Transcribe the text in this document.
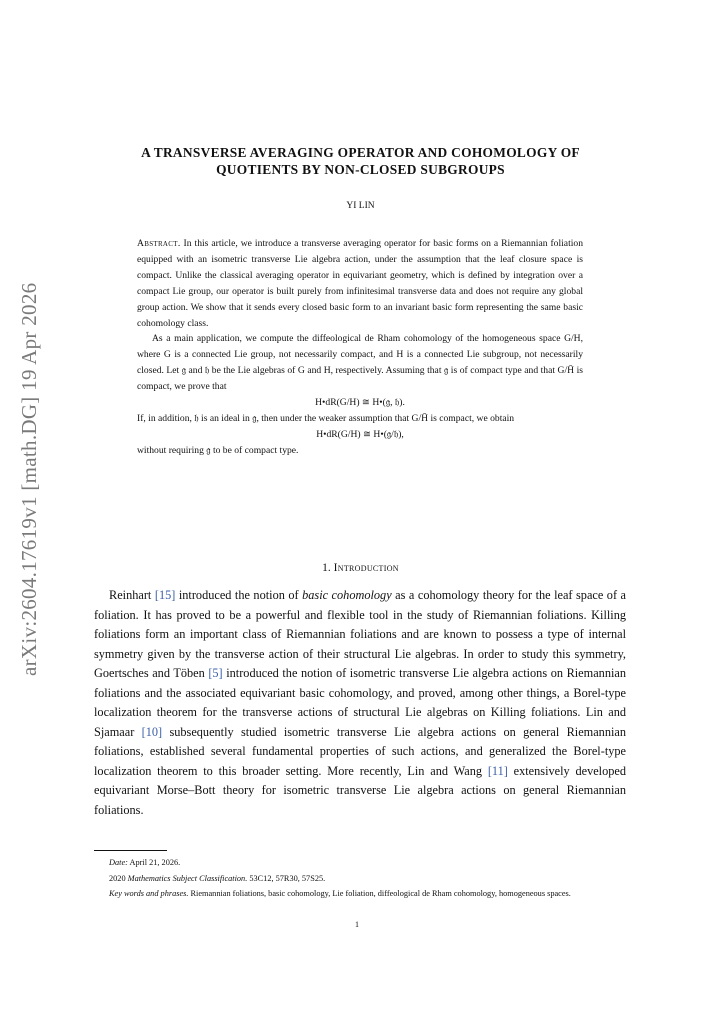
arXiv:2604.17619v1 [math.DG] 19 Apr 2026
A TRANSVERSE AVERAGING OPERATOR AND COHOMOLOGY OF
QUOTIENTS BY NON-CLOSED SUBGROUPS
YI LIN

Abstract. In this article, we introduce a transverse averaging operator for basic forms on a Riemannian foliation equipped with an isometric transverse Lie algebra action, under the assumption that the leaf closure space is compact. Unlike the classical averaging operator in equivariant geometry, which is defined by integration over a compact Lie group, our operator is built purely from infinitesimal transverse data and does not require any global group action. We show that it sends every closed basic form to an invariant basic form representing the same basic cohomology class.

As a main application, we compute the diffeological de Rham cohomology of the homogeneous space G/H, where G is a connected Lie group, not necessarily compact, and H is a connected Lie subgroup, not necessarily closed. Let 𝔤 and 𝔥 be the Lie algebras of G and H, respectively. Assuming that 𝔤 is of compact type and that G/H̄ is compact, we prove that

H•dR(G/H) ≅ H•(𝔤, 𝔥).

If, in addition, 𝔥 is an ideal in 𝔤, then under the weaker assumption that G/H̄ is compact, we obtain

H•dR(G/H) ≅ H•(𝔤/𝔥),

without requiring 𝔤 to be of compact type.

1. Introduction

Reinhart [15] introduced the notion of basic cohomology as a cohomology theory for the leaf space of a foliation. It has proved to be a powerful and flexible tool in the study of Riemannian foliations. Killing foliations form an important class of Riemannian foliations and are known to possess a type of internal symmetry given by the transverse action of their structural Lie algebras. In order to study this symmetry, Goertsches and Töben [5] introduced the notion of isometric transverse Lie algebra actions on Riemannian foliations and the associated equivariant basic cohomology, and proved, among other things, a Borel-type localization theorem for the transverse actions of structural Lie algebras on Killing foliations. Lin and Sjamaar [10] subsequently studied isometric transverse Lie algebra actions on general Riemannian foliations, established several fundamental properties of such actions, and generalized the Borel-type localization theorem to this broader setting. More recently, Lin and Wang [11] extensively developed equivariant Morse–Bott theory for isometric transverse Lie algebra actions on general Riemannian foliations.

Date: April 21, 2026.

2020 Mathematics Subject Classification. 53C12, 57R30, 57S25.

Key words and phrases. Riemannian foliations, basic cohomology, Lie foliation, diffeological de Rham cohomology, homogeneous spaces.

1
